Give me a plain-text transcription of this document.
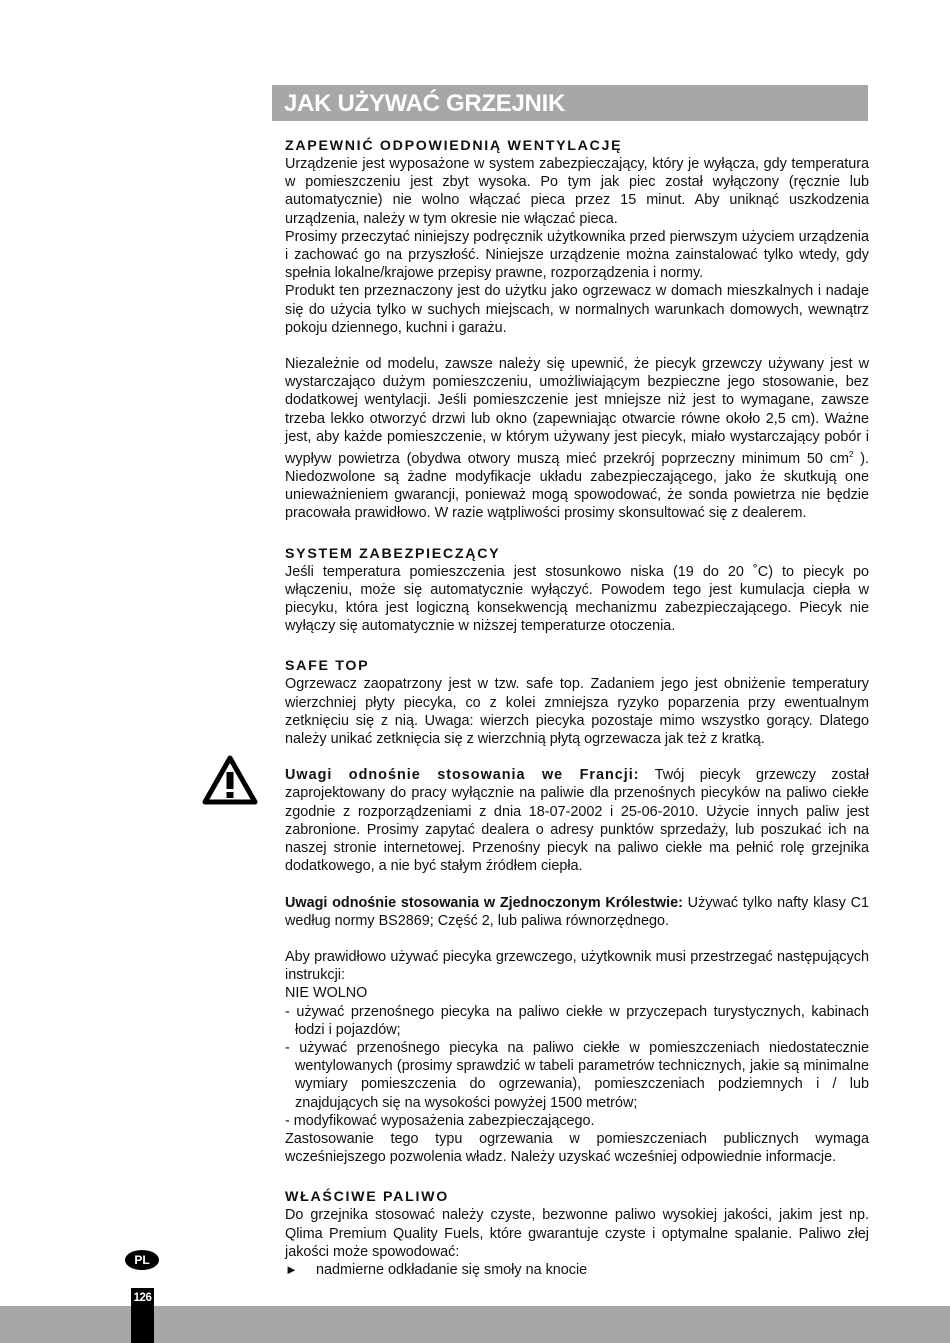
JAK UŻYWAĆ GRZEJNIK
ZAPEWNIĆ ODPOWIEDNIĄ WENTYLACJĘ

Urządzenie jest wyposażone w system zabezpieczający, który je wyłącza, gdy temperatura w pomieszczeniu jest zbyt wysoka. Po tym jak piec został wyłączony (ręcznie lub automatycznie) nie wolno włączać pieca przez 15 minut. Aby uniknąć uszkodzenia urządzenia, należy w tym okresie nie włączać pieca.

Prosimy przeczytać niniejszy podręcznik użytkownika przed pierwszym użyciem urządzenia i zachować go na przyszłość. Niniejsze urządzenie można zainstalować tylko wtedy, gdy spełnia lokalne/krajowe przepisy prawne, rozporządzenia i normy.

Produkt ten przeznaczony jest do użytku jako ogrzewacz w domach mieszkalnych i nadaje się do użycia tylko w suchych miejscach, w normalnych warunkach domowych, wewnątrz pokoju dziennego, kuchni i garażu.

Niezależnie od modelu, zawsze należy się upewnić, że piecyk grzewczy używany jest w wystarczająco dużym pomieszczeniu, umożliwiającym bezpieczne jego stosowanie, bez dodatkowej wentylacji. Jeśli pomieszczenie jest mniejsze niż jest to wymagane, zawsze trzeba lekko otworzyć drzwi lub okno (zapewniając otwarcie równe około 2,5 cm). Ważne jest, aby każde pomieszczenie, w którym używany jest piecyk, miało wystarczający pobór i wypływ powietrza (obydwa otwory muszą mieć przekrój poprzeczny minimum 50 $cm^2$ ). Niedozwolone są żadne modyfikacje układu zabezpieczającego, jako że skutkują one unieważnieniem gwarancji, ponieważ mogą spowodować, że sonda powietrza nie będzie pracowała prawidłowo. W razie wątpliwości prosimy skonsultować się z dealerem.

SYSTEM ZABEZPIECZĄCY

Jeśli temperatura pomieszczenia jest stosunkowo niska (19 do 20 ˚C) to piecyk po włączeniu, może się automatycznie wyłączyć. Powodem tego jest kumulacja ciepła w piecyku, która jest logiczną konsekwencją mechanizmu zabezpieczającego. Piecyk nie wyłączy się automatycznie w niższej temperaturze otoczenia.

SAFE TOP

Ogrzewacz zaopatrzony jest w tzw. safe top. Zadaniem jego jest obniżenie temperatury wierzchniej płyty piecyka, co z kolei zmniejsza ryzyko poparzenia przy ewentualnym zetknięciu się z nią. Uwaga: wierzch piecyka pozostaje mimo wszystko gorący. Dlatego należy unikać zetknięcia się z wierzchnią płytą ogrzewacza jak też z kratką.

Uwagi odnośnie stosowania we Francji: Twój piecyk grzewczy został zaprojektowany do pracy wyłącznie na paliwie dla przenośnych piecyków na paliwo ciekłe zgodnie z rozporządzeniami z dnia 18-07-2002 i 25-06-2010. Użycie innych paliw jest zabronione. Prosimy zapytać dealera o adresy punktów sprzedaży, lub poszukać ich na naszej stronie internetowej. Przenośny piecyk na paliwo ciekłe ma pełnić rolę grzejnika dodatkowego, a nie być stałym źródłem ciepła.

Uwagi odnośnie stosowania w Zjednoczonym Królestwie: Używać tylko nafty klasy C1 według normy BS2869; Część 2, lub paliwa równorzędnego.

Aby prawidłowo używać piecyka grzewczego, użytkownik musi przestrzegać następujących instrukcji:

NIE WOLNO

- używać przenośnego piecyka na paliwo ciekłe w przyczepach turystycznych, kabinach łodzi i pojazdów;

- używać przenośnego piecyka na paliwo ciekłe w pomieszczeniach niedostatecznie wentylowanych (prosimy sprawdzić w tabeli parametrów technicznych, jakie są minimalne wymiary pomieszczenia do ogrzewania), pomieszczeniach podziemnych i / lub znajdujących się na wysokości powyżej 1500 metrów;

- modyfikować wyposażenia zabezpieczającego.

Zastosowanie tego typu ogrzewania w pomieszczeniach publicznych wymaga wcześniejszego pozwolenia władz. Należy uzyskać wcześniej odpowiednie informacje.

WŁAŚCIWE PALIWO

Do grzejnika stosować należy czyste, bezwonne paliwo wysokiej jakości, jakim jest np. Qlima Premium Quality Fuels, które gwarantuje czyste i optymalne spalanie. Paliwo złej jakości może spowodować:

► nadmierne odkładanie się smoły na knocie

PL
126
